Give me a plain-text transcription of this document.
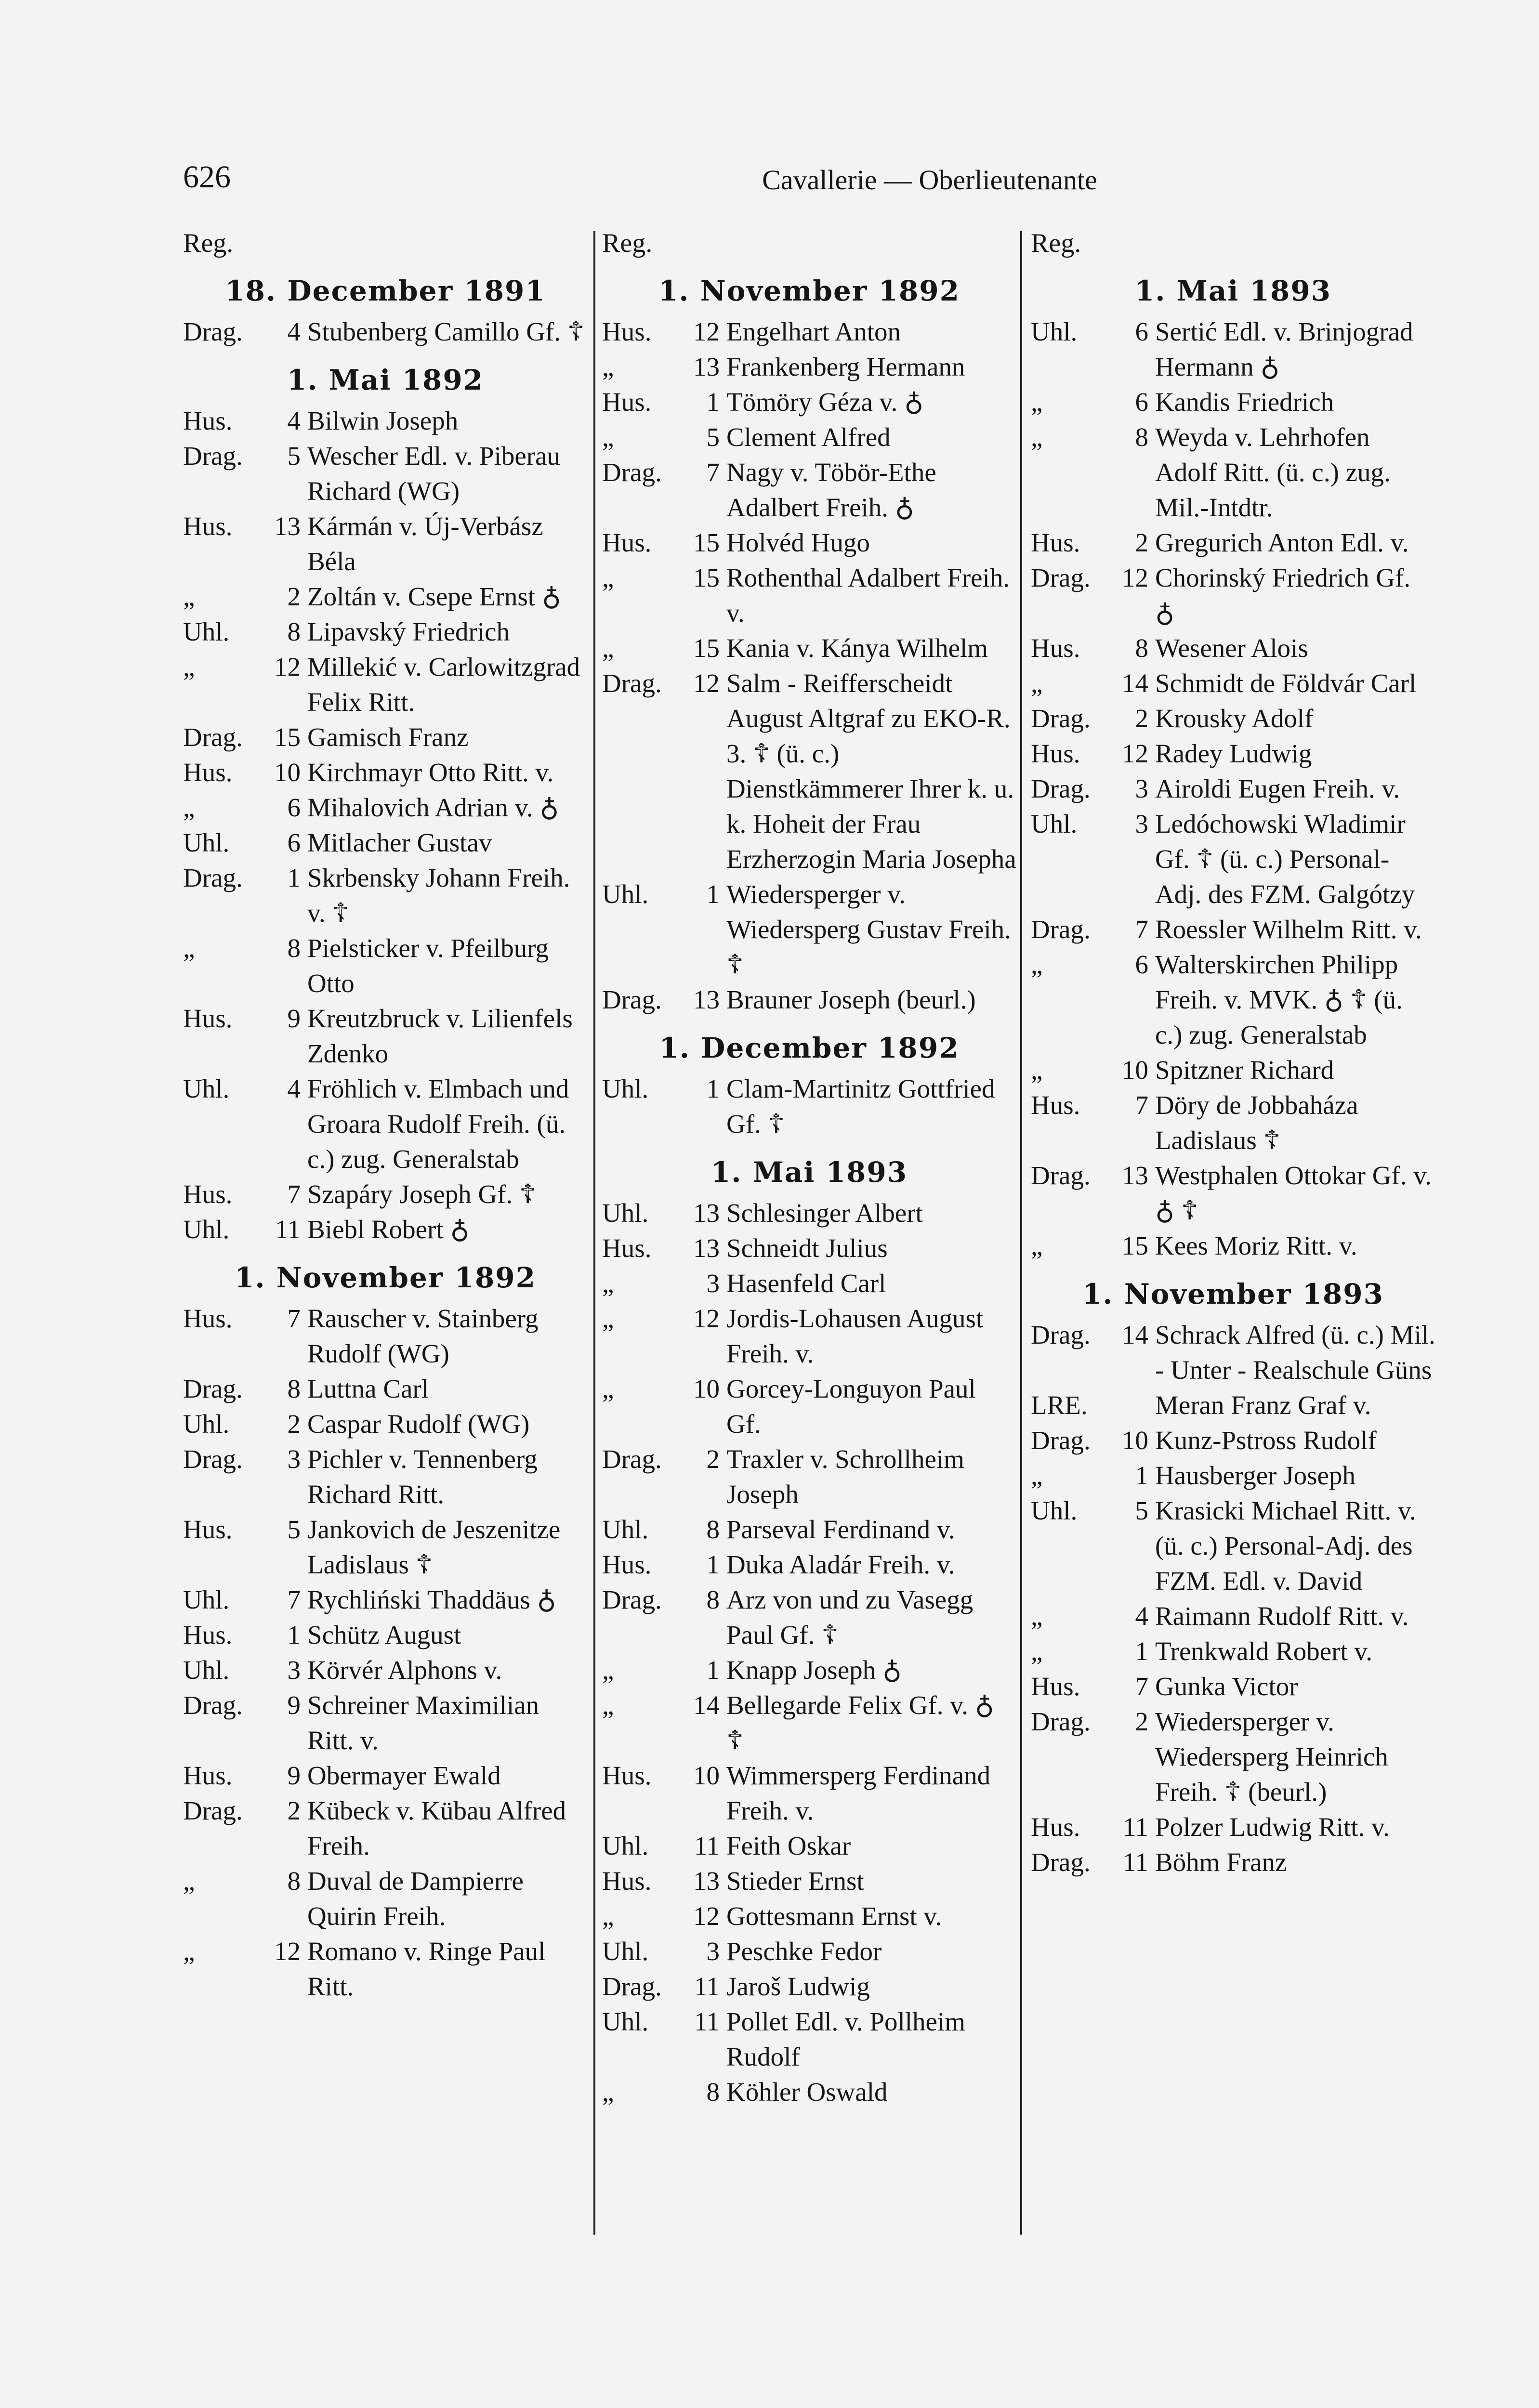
626	Cavallerie — Oberlieutenante
Reg.
18. December 1891
Drag.	4 Stubenberg Camillo Gf. ☦
1. Mai 1892
Hus.	4 Bilwin Joseph
Drag.	5 Wescher Edl. v. Piberau Richard (WG)
Hus.	13 Kármán v. Új-Verbász Béla
„	2 Zoltán v. Csepe Ernst ♁
Uhl.	8 Lipavský Friedrich
„	12 Millekić v. Carlowitzgrad Felix Ritt.
Drag.	15 Gamisch Franz
Hus.	10 Kirchmayr Otto Ritt. v.
„	6 Mihalovich Adrian v. ♁
Uhl.	6 Mitlacher Gustav
Drag.	1 Skrbensky Johann Freih. v. ☦
„	8 Pielsticker v. Pfeilburg Otto
Hus.	9 Kreutzbruck v. Lilienfels Zdenko
Uhl.	4 Fröhlich v. Elmbach und Groara Rudolf Freih. (ü. c.) zug. Generalstab
Hus.	7 Szapáry Joseph Gf. ☦
Uhl.	11 Biebl Robert ♁
1. November 1892
Hus.	7 Rauscher v. Stainberg Rudolf (WG)
Drag.	8 Luttna Carl
Uhl.	2 Caspar Rudolf (WG)
Drag.	3 Pichler v. Tennenberg Richard Ritt.
Hus.	5 Jankovich de Jeszenitze Ladislaus ☦
Uhl.	7 Rychliński Thaddäus ♁
Hus.	1 Schütz August
Uhl.	3 Körvér Alphons v.
Drag.	9 Schreiner Maximilian Ritt. v.
Hus.	9 Obermayer Ewald
Drag.	2 Kübeck v. Kübau Alfred Freih.
„	8 Duval de Dampierre Quirin Freih.
„	12 Romano v. Ringe Paul Ritt.
Reg.
1. November 1892
Hus.	12 Engelhart Anton
„	13 Frankenberg Hermann
Hus.	1 Tömöry Géza v. ♁
„	5 Clement Alfred
Drag.	7 Nagy v. Töbör-Ethe Adalbert Freih. ♁
Hus.	15 Holvéd Hugo
„	15 Rothenthal Adalbert Freih. v.
„	15 Kania v. Kánya Wilhelm
Drag.	12 Salm - Reifferscheidt August Altgraf zu EKO-R. 3. ☦ (ü. c.) Dienstkämmerer Ihrer k. u. k. Hoheit der Frau Erzherzogin Maria Josepha
Uhl.	1 Wiedersperger v. Wiedersperg Gustav Freih. ☦
Drag.	13 Brauner Joseph (beurl.)
1. December 1892
Uhl.	1 Clam-Martinitz Gottfried Gf. ☦
1. Mai 1893
Uhl.	13 Schlesinger Albert
Hus.	13 Schneidt Julius
„	3 Hasenfeld Carl
„	12 Jordis-Lohausen August Freih. v.
„	10 Gorcey-Longuyon Paul Gf.
Drag.	2 Traxler v. Schrollheim Joseph
Uhl.	8 Parseval Ferdinand v.
Hus.	1 Duka Aladár Freih. v.
Drag.	8 Arz von und zu Vasegg Paul Gf. ☦
„	1 Knapp Joseph ♁
„	14 Bellegarde Felix Gf. v. ♁ ☦
Hus.	10 Wimmersperg Ferdinand Freih. v.
Uhl.	11 Feith Oskar
Hus.	13 Stieder Ernst
„	12 Gottesmann Ernst v.
Uhl.	3 Peschke Fedor
Drag.	11 Jaroš Ludwig
Uhl.	11 Pollet Edl. v. Pollheim Rudolf
„	8 Köhler Oswald
Reg.
1. Mai 1893
Uhl.	6 Sertić Edl. v. Brinjograd Hermann ♁
„	6 Kandis Friedrich
„	8 Weyda v. Lehrhofen Adolf Ritt. (ü. c.) zug. Mil.-Intdtr.
Hus.	2 Gregurich Anton Edl. v.
Drag.	12 Chorinský Friedrich Gf. ♁
Hus.	8 Wesener Alois
„	14 Schmidt de Földvár Carl
Drag.	2 Krousky Adolf
Hus.	12 Radey Ludwig
Drag.	3 Airoldi Eugen Freih. v.
Uhl.	3 Ledóchowski Wladimir Gf. ☦ (ü. c.) Personal-Adj. des FZM. Galgótzy
Drag.	7 Roessler Wilhelm Ritt. v.
„	6 Walterskirchen Philipp Freih. v. MVK. ♁ ☦ (ü. c.) zug. Generalstab
„	10 Spitzner Richard
Hus.	7 Döry de Jobbaháza Ladislaus ☦
Drag.	13 Westphalen Ottokar Gf. v. ♁ ☦
„	15 Kees Moriz Ritt. v.
1. November 1893
Drag.	14 Schrack Alfred (ü. c.) Mil. - Unter - Realschule Güns
LRE.	Meran Franz Graf v.
Drag.	10 Kunz-Pstross Rudolf
„	1 Hausberger Joseph
Uhl.	5 Krasicki Michael Ritt. v. (ü. c.) Personal-Adj. des FZM. Edl. v. David
„	4 Raimann Rudolf Ritt. v.
„	1 Trenkwald Robert v.
Hus.	7 Gunka Victor
Drag.	2 Wiedersperger v. Wiedersperg Heinrich Freih. ☦ (beurl.)
Hus.	11 Polzer Ludwig Ritt. v.
Drag.	11 Böhm Franz
